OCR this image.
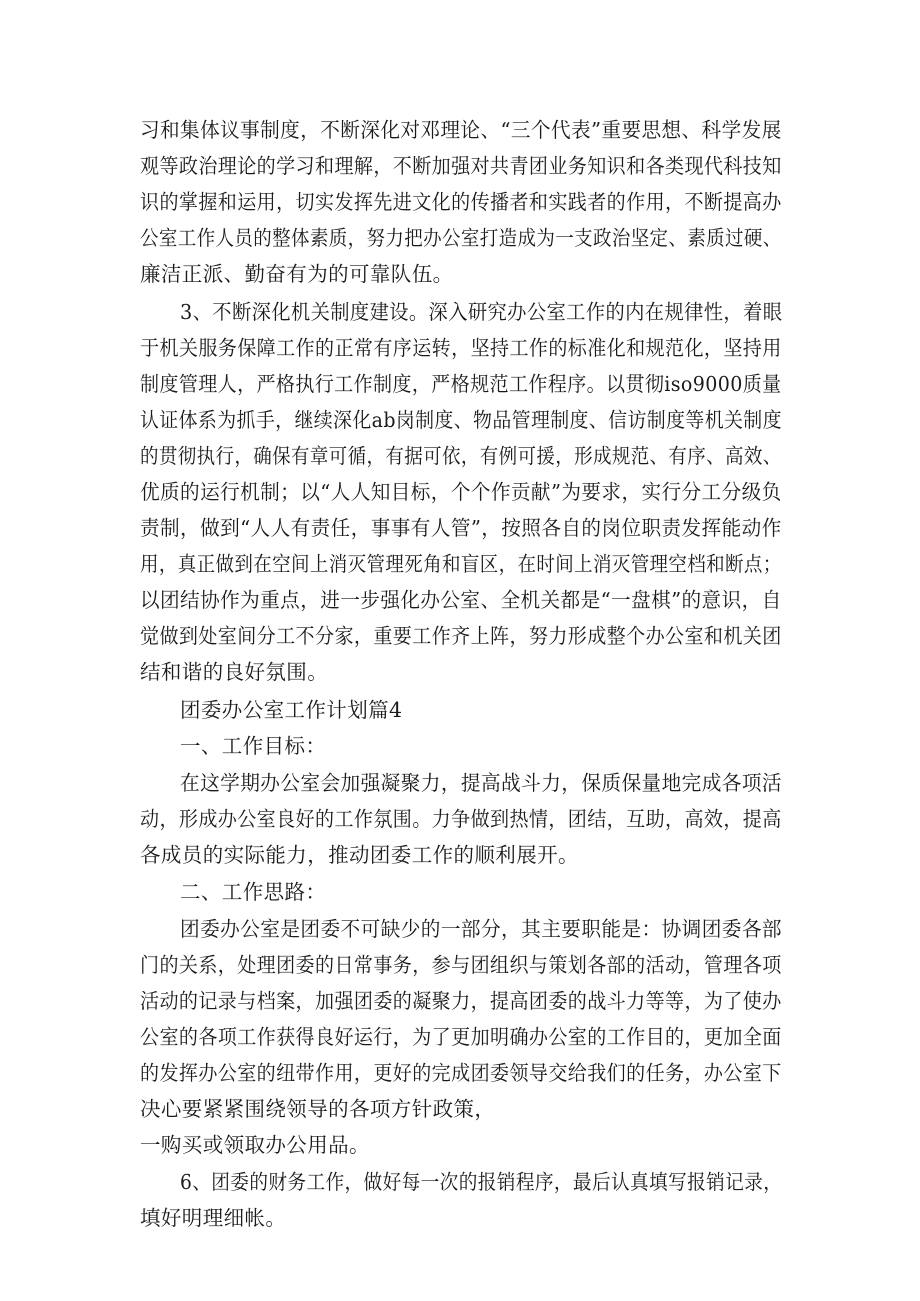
习和集体议事制度，不断深化对邓理论、“三个代表”重要思想、科学发展

观等政治理论的学习和理解，不断加强对共青团业务知识和各类现代科技知

识的掌握和运用，切实发挥先进文化的传播者和实践者的作用，不断提高办

公室工作人员的整体素质，努力把办公室打造成为一支政治坚定、素质过硬、

廉洁正派、勤奋有为的可靠队伍。

3、不断深化机关制度建设。深入研究办公室工作的内在规律性，着眼

于机关服务保障工作的正常有序运转，坚持工作的标准化和规范化，坚持用

制度管理人，严格执行工作制度，严格规范工作程序。以贯彻iso9000质量

认证体系为抓手，继续深化ab岗制度、物品管理制度、信访制度等机关制度

的贯彻执行，确保有章可循，有据可依，有例可援，形成规范、有序、高效、

优质的运行机制；以“人人知目标，个个作贡献”为要求，实行分工分级负

责制，做到“人人有责任，事事有人管”，按照各自的岗位职责发挥能动作

用，真正做到在空间上消灭管理死角和盲区，在时间上消灭管理空档和断点；

以团结协作为重点，进一步强化办公室、全机关都是“一盘棋”的意识，自

觉做到处室间分工不分家，重要工作齐上阵，努力形成整个办公室和机关团

结和谐的良好氛围。

团委办公室工作计划篇4

一、工作目标：

在这学期办公室会加强凝聚力，提高战斗力，保质保量地完成各项活

动，形成办公室良好的工作氛围。力争做到热情，团结，互助，高效，提高

各成员的实际能力，推动团委工作的顺利展开。

二、工作思路：

团委办公室是团委不可缺少的一部分，其主要职能是：协调团委各部

门的关系，处理团委的日常事务，参与团组织与策划各部的活动，管理各项

活动的记录与档案，加强团委的凝聚力，提高团委的战斗力等等，为了使办

公室的各项工作获得良好运行，为了更加明确办公室的工作目的，更加全面

的发挥办公室的纽带作用，更好的完成团委领导交给我们的任务，办公室下

决心要紧紧围绕领导的各项方针政策，

一购买或领取办公用品。

6、团委的财务工作，做好每一次的报销程序，最后认真填写报销记录，

填好明理细帐。
